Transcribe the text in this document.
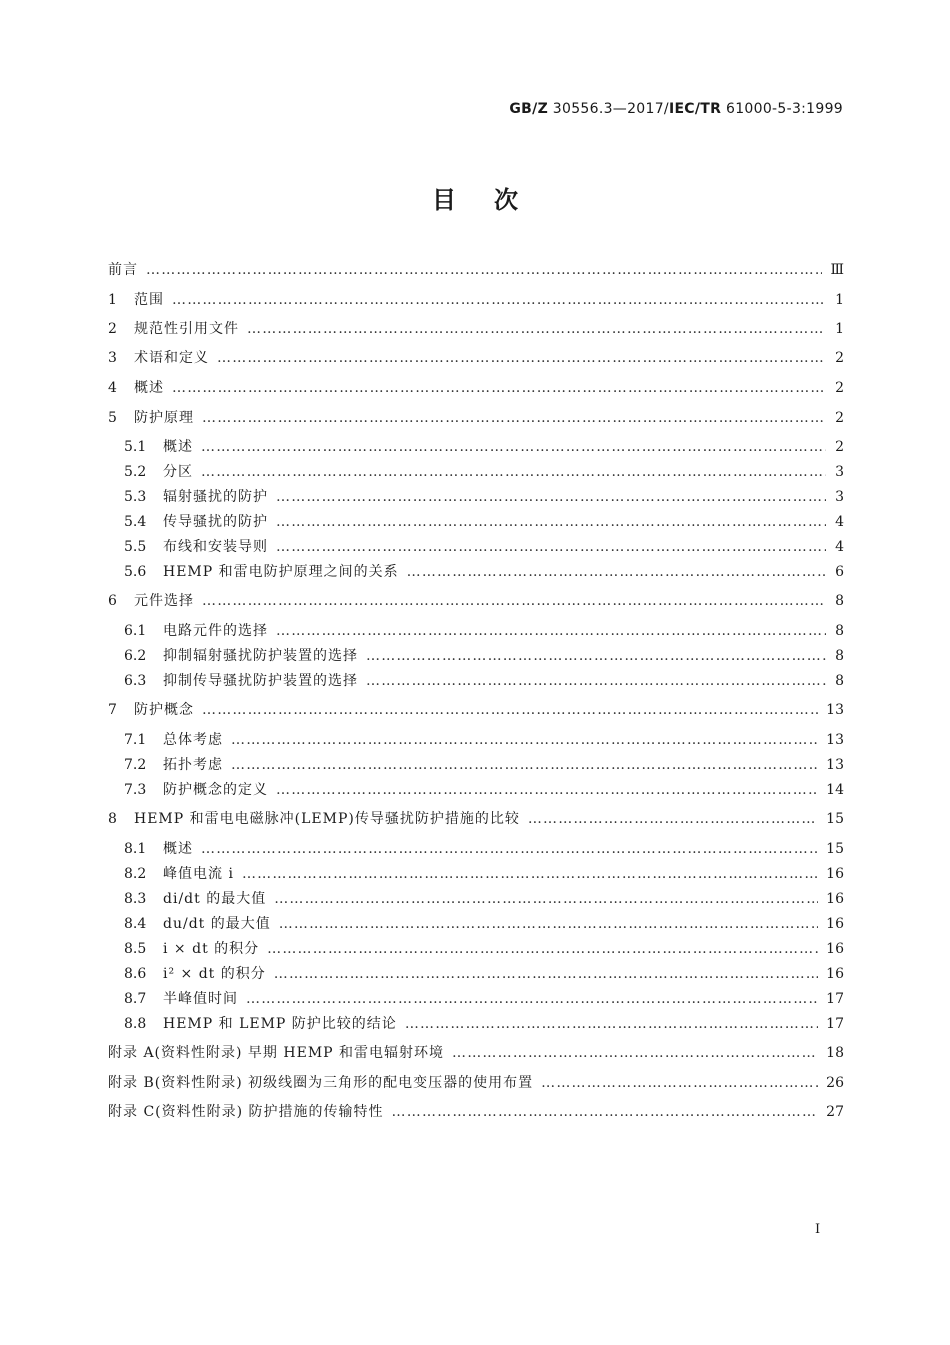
GB/Z 30556.3—2017/IEC/TR 61000-5-3:1999
目次
前言 …………………………………………………………………………………………………………………………………………………………………………………………………………	Ⅲ
1	范围 …………………………………………………………………………………………………………………………………………………………………………………………………………	1
2	规范性引用文件 …………………………………………………………………………………………………………………………………………………………………………………………………………	1
3	术语和定义 …………………………………………………………………………………………………………………………………………………………………………………………………………	2
4	概述 …………………………………………………………………………………………………………………………………………………………………………………………………………	2
5	防护原理 …………………………………………………………………………………………………………………………………………………………………………………………………………	2
5.1	概述 …………………………………………………………………………………………………………………………………………………………………………………………………………	2
5.2	分区 …………………………………………………………………………………………………………………………………………………………………………………………………………	3
5.3	辐射骚扰的防护 …………………………………………………………………………………………………………………………………………………………………………………………………………	3
5.4	传导骚扰的防护 …………………………………………………………………………………………………………………………………………………………………………………………………………	4
5.5	布线和安装导则 …………………………………………………………………………………………………………………………………………………………………………………………………………	4
5.6	HEMP 和雷电防护原理之间的关系 …………………………………………………………………………………………………………………………………………………………………………………………………………	6
6	元件选择 …………………………………………………………………………………………………………………………………………………………………………………………………………	8
6.1	电路元件的选择 …………………………………………………………………………………………………………………………………………………………………………………………………………	8
6.2	抑制辐射骚扰防护装置的选择 …………………………………………………………………………………………………………………………………………………………………………………………………………	8
6.3	抑制传导骚扰防护装置的选择 …………………………………………………………………………………………………………………………………………………………………………………………………………	8
7	防护概念 …………………………………………………………………………………………………………………………………………………………………………………………………………	13
7.1	总体考虑 …………………………………………………………………………………………………………………………………………………………………………………………………………	13
7.2	拓扑考虑 …………………………………………………………………………………………………………………………………………………………………………………………………………	13
7.3	防护概念的定义 …………………………………………………………………………………………………………………………………………………………………………………………………………	14
8	HEMP 和雷电电磁脉冲(LEMP)传导骚扰防护措施的比较 …………………………………………………………………………………………………………………………………………………………………………………………………………	15
8.1	概述 …………………………………………………………………………………………………………………………………………………………………………………………………………	15
8.2	峰值电流 i …………………………………………………………………………………………………………………………………………………………………………………………………………	16
8.3	di/dt 的最大值 …………………………………………………………………………………………………………………………………………………………………………………………………………	16
8.4	du/dt 的最大值 …………………………………………………………………………………………………………………………………………………………………………………………………………	16
8.5	i × dt 的积分 …………………………………………………………………………………………………………………………………………………………………………………………………………	16
8.6	i² × dt 的积分 …………………………………………………………………………………………………………………………………………………………………………………………………………	16
8.7	半峰值时间 …………………………………………………………………………………………………………………………………………………………………………………………………………	17
8.8	HEMP 和 LEMP 防护比较的结论 …………………………………………………………………………………………………………………………………………………………………………………………………………	17
附录 A(资料性附录) 早期 HEMP 和雷电辐射环境 …………………………………………………………………………………………………………………………………………………………………………………………………………	18
附录 B(资料性附录) 初级线圈为三角形的配电变压器的使用布置 …………………………………………………………………………………………………………………………………………………………………………………………………………	26
附录 C(资料性附录) 防护措施的传输特性 …………………………………………………………………………………………………………………………………………………………………………………………………………	27
I
